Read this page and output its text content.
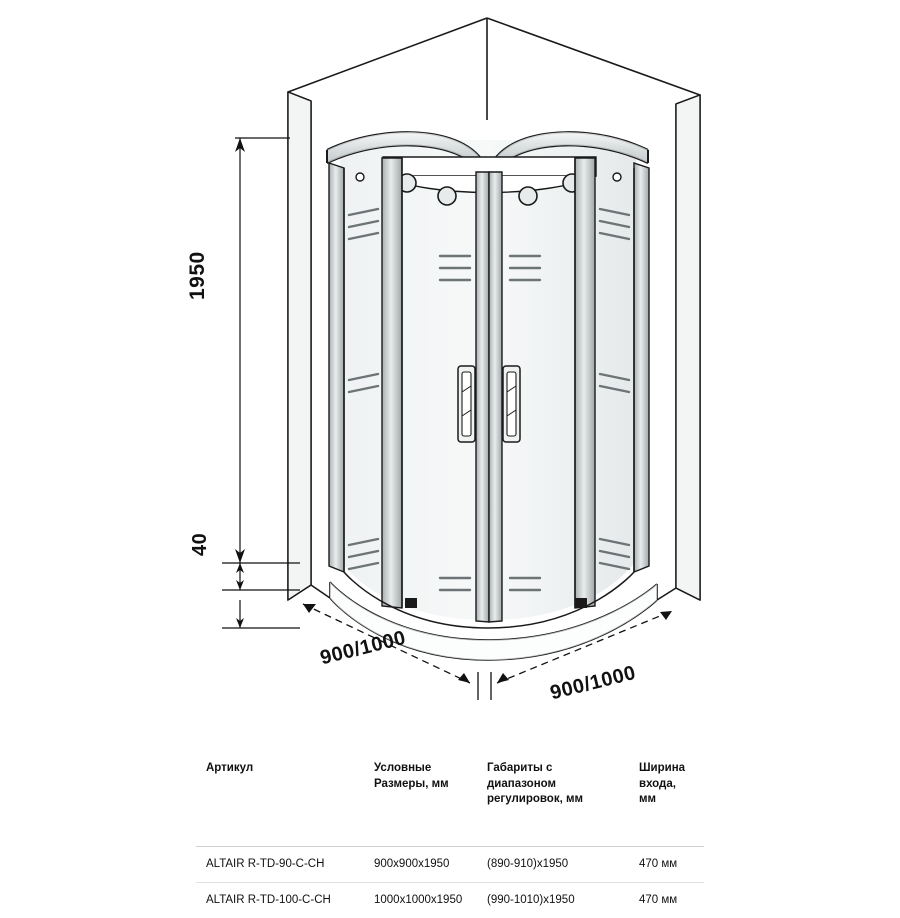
1950
40
900/1000
900/1000
Артикул	Условные Размеры, мм	Габариты с диапазоном регулировок, мм	Ширина входа, мм
ALTAIR R-TD-90-C-CH	900x900x1950	(890-910)x1950	470 мм
ALTAIR R-TD-100-C-CH	1000x1000x1950	(990-1010)x1950	470 мм
